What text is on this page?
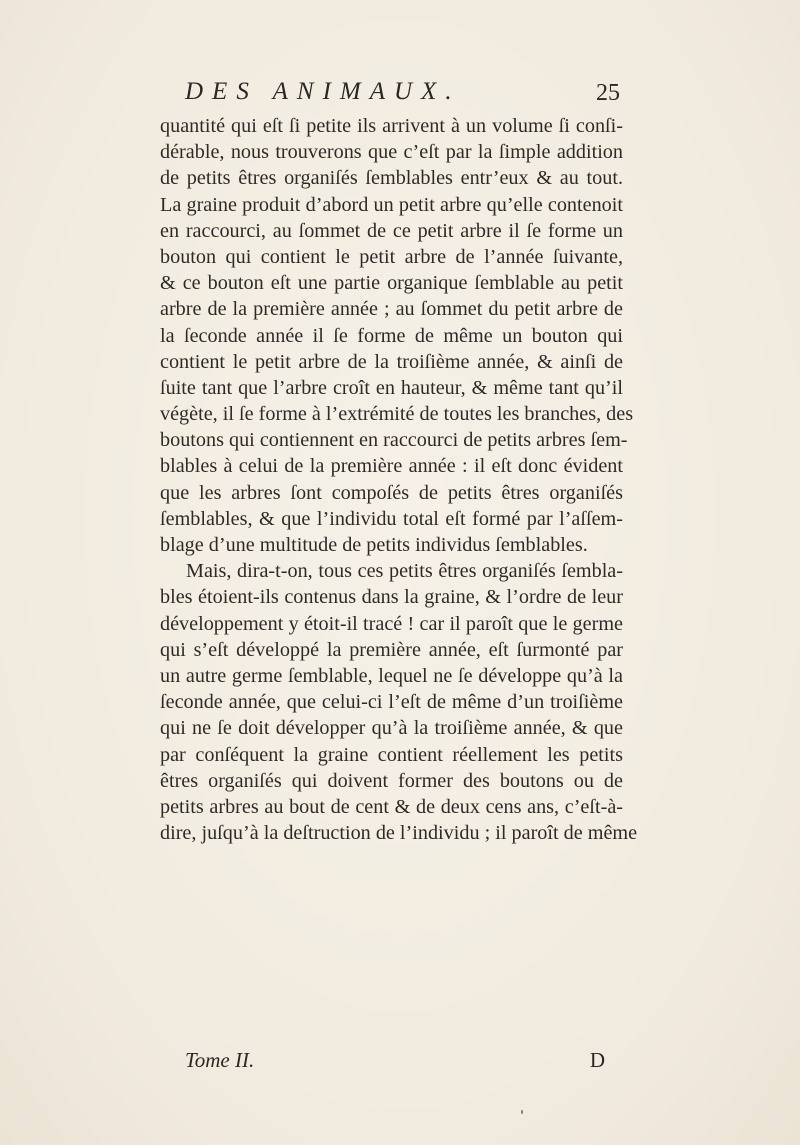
DES ANIMAUX.	25
quantité qui eſt ſi petite ils arrivent à un volume ſi conſi-
dérable, nous trouverons que c’eſt par la ſimple addition
de petits êtres organiſés ſemblables entr’eux & au tout.
La graine produit d’abord un petit arbre qu’elle contenoit
en raccourci, au ſommet de ce petit arbre il ſe forme un
bouton qui contient le petit arbre de l’année ſuivante,
& ce bouton eſt une partie organique ſemblable au petit
arbre de la première année ; au ſommet du petit arbre de
la ſeconde année il ſe forme de même un bouton qui
contient le petit arbre de la troiſième année, & ainſi de
ſuite tant que l’arbre croît en hauteur, & même tant qu’il
végète, il ſe forme à l’extrémité de toutes les branches, des
boutons qui contiennent en raccourci de petits arbres ſem-
blables à celui de la première année : il eſt donc évident
que les arbres ſont compoſés de petits êtres organiſés
ſemblables, & que l’individu total eſt formé par l’aſſem-
blage d’une multitude de petits individus ſemblables.
Mais, dira-t-on, tous ces petits êtres organiſés ſembla-
bles étoient-ils contenus dans la graine, & l’ordre de leur
développement y étoit-il tracé ! car il paroît que le germe
qui s’eſt développé la première année, eſt ſurmonté par
un autre germe ſemblable, lequel ne ſe développe qu’à la
ſeconde année, que celui-ci l’eſt de même d’un troiſième
qui ne ſe doit développer qu’à la troiſième année, & que
par conſéquent la graine contient réellement les petits
êtres organiſés qui doivent former des boutons ou de
petits arbres au bout de cent & de deux cens ans, c’eſt-à-
dire, juſqu’à la deſtruction de l’individu ; il paroît de même
Tome II.	D
